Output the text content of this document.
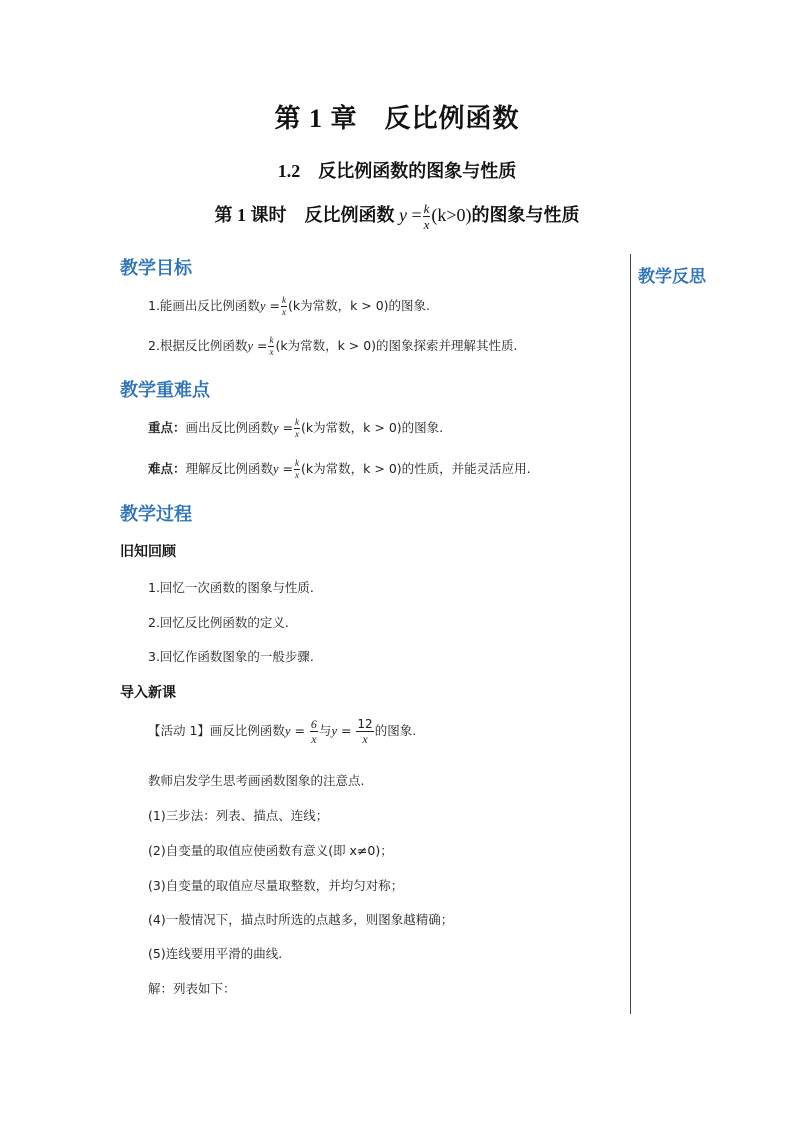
第 1 章　反比例函数
1.2　反比例函数的图象与性质
第 1 课时　反比例函数 $y = \frac{k}{x} (k>0)$的图象与性质
教学反思
教学目标
1.能画出反比例函数$y = \frac{k}{x} (k$为常数，k > 0)的图象.
2.根据反比例函数$y = \frac{k}{x} (k$为常数，k > 0)的图象探索并理解其性质.
教学重难点
重点：画出反比例函数$y = \frac{k}{x} (k$为常数，k > 0)的图象.
难点：理解反比例函数$y = \frac{k}{x} (k$为常数，k > 0)的性质，并能灵活应用.
教学过程
旧知回顾
1.回忆一次函数的图象与性质.
2.回忆反比例函数的定义.
3.回忆作函数图象的一般步骤.
导入新课
【活动 1】画反比例函数$y = \frac{6}{x}$ 与$y = \frac{12}{x}$ 的图象.
教师启发学生思考画函数图象的注意点.
(1)三步法：列表、描点、连线；
(2)自变量的取值应使函数有意义(即 x≠0)；
(3)自变量的取值应尽量取整数，并均匀对称；
(4)一般情况下，描点时所选的点越多，则图象越精确；
(5)连线要用平滑的曲线.
解：列表如下：
